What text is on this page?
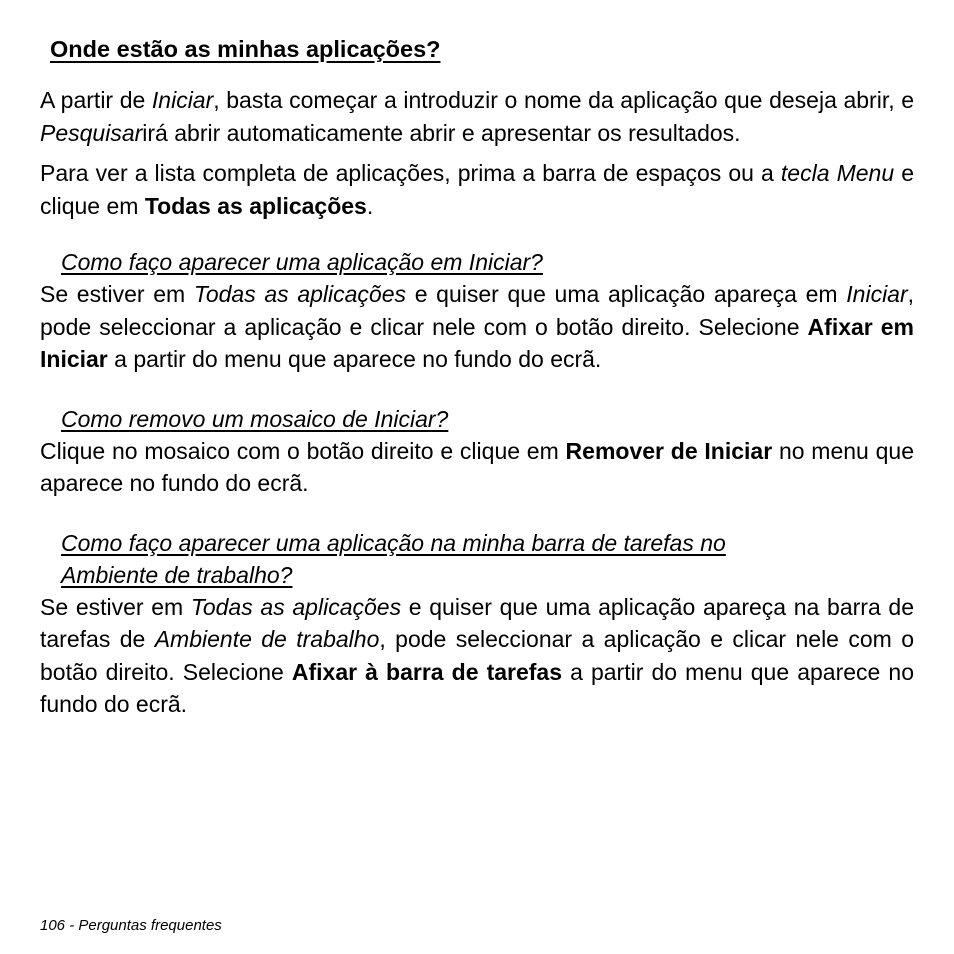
Onde estão as minhas aplicações?

A partir de Iniciar, basta começar a introduzir o nome da aplicação que deseja abrir, e Pesquisarirá abrir automaticamente abrir e apresentar os resultados.

Para ver a lista completa de aplicações, prima a barra de espaços ou a tecla Menu e clique em Todas as aplicações.

Como faço aparecer uma aplicação em Iniciar?

Se estiver em Todas as aplicações e quiser que uma aplicação apareça em Iniciar, pode seleccionar a aplicação e clicar nele com o botão direito. Selecione Afixar em Iniciar a partir do menu que aparece no fundo do ecrã.

Como removo um mosaico de Iniciar?

Clique no mosaico com o botão direito e clique em Remover de Iniciar no menu que aparece no fundo do ecrã.

Como faço aparecer uma aplicação na minha barra de tarefas no
Ambiente de trabalho?

Se estiver em Todas as aplicações e quiser que uma aplicação apareça na barra de tarefas de Ambiente de trabalho, pode seleccionar a aplicação e clicar nele com o botão direito. Selecione Afixar à barra de tarefas a partir do menu que aparece no fundo do ecrã.

106 - Perguntas frequentes
